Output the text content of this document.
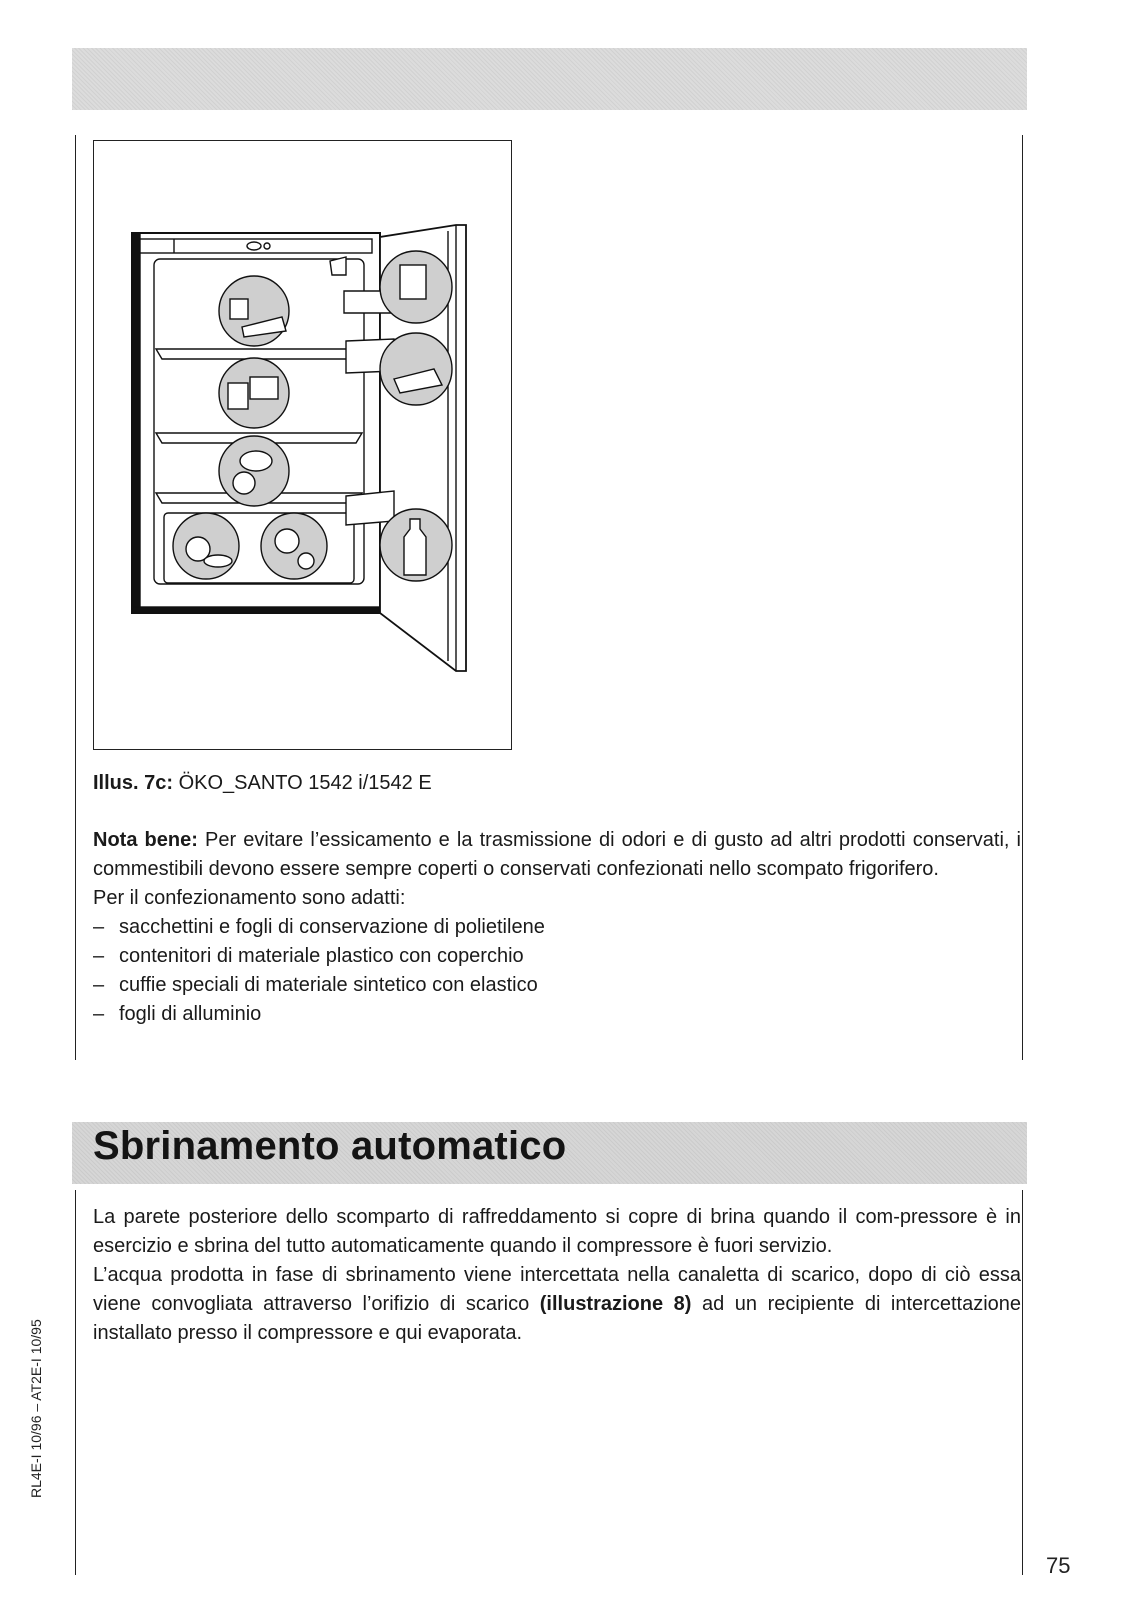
Illus. 7c: ÖKO_SANTO 1542 i/1542 E

Nota bene: Per evitare l’essicamento e la trasmissione di odori e di gusto ad altri prodotti conservati, i commestibili devono essere sempre coperti o conservati confezionati nello scompato frigorifero.

Per il confezionamento sono adatti:

– sacchettini e fogli di conservazione di polietilene
– contenitori di materiale plastico con coperchio
– cuffie speciali di materiale sintetico con elastico
– fogli di alluminio
Sbrinamento automatico

La parete posteriore dello scomparto di raffreddamento si copre di brina quando il com-pressore è in esercizio e sbrina del tutto automaticamente quando il compressore è fuori servizio.

L’acqua prodotta in fase di sbrinamento viene intercettata nella canaletta di scarico, dopo di ciò essa viene convogliata attraverso l’orifizio di scarico (illustrazione 8) ad un recipiente di intercettazione installato presso il compressore e qui evaporata.

RL4E-I 10/96 – AT2E-I 10/95
75
